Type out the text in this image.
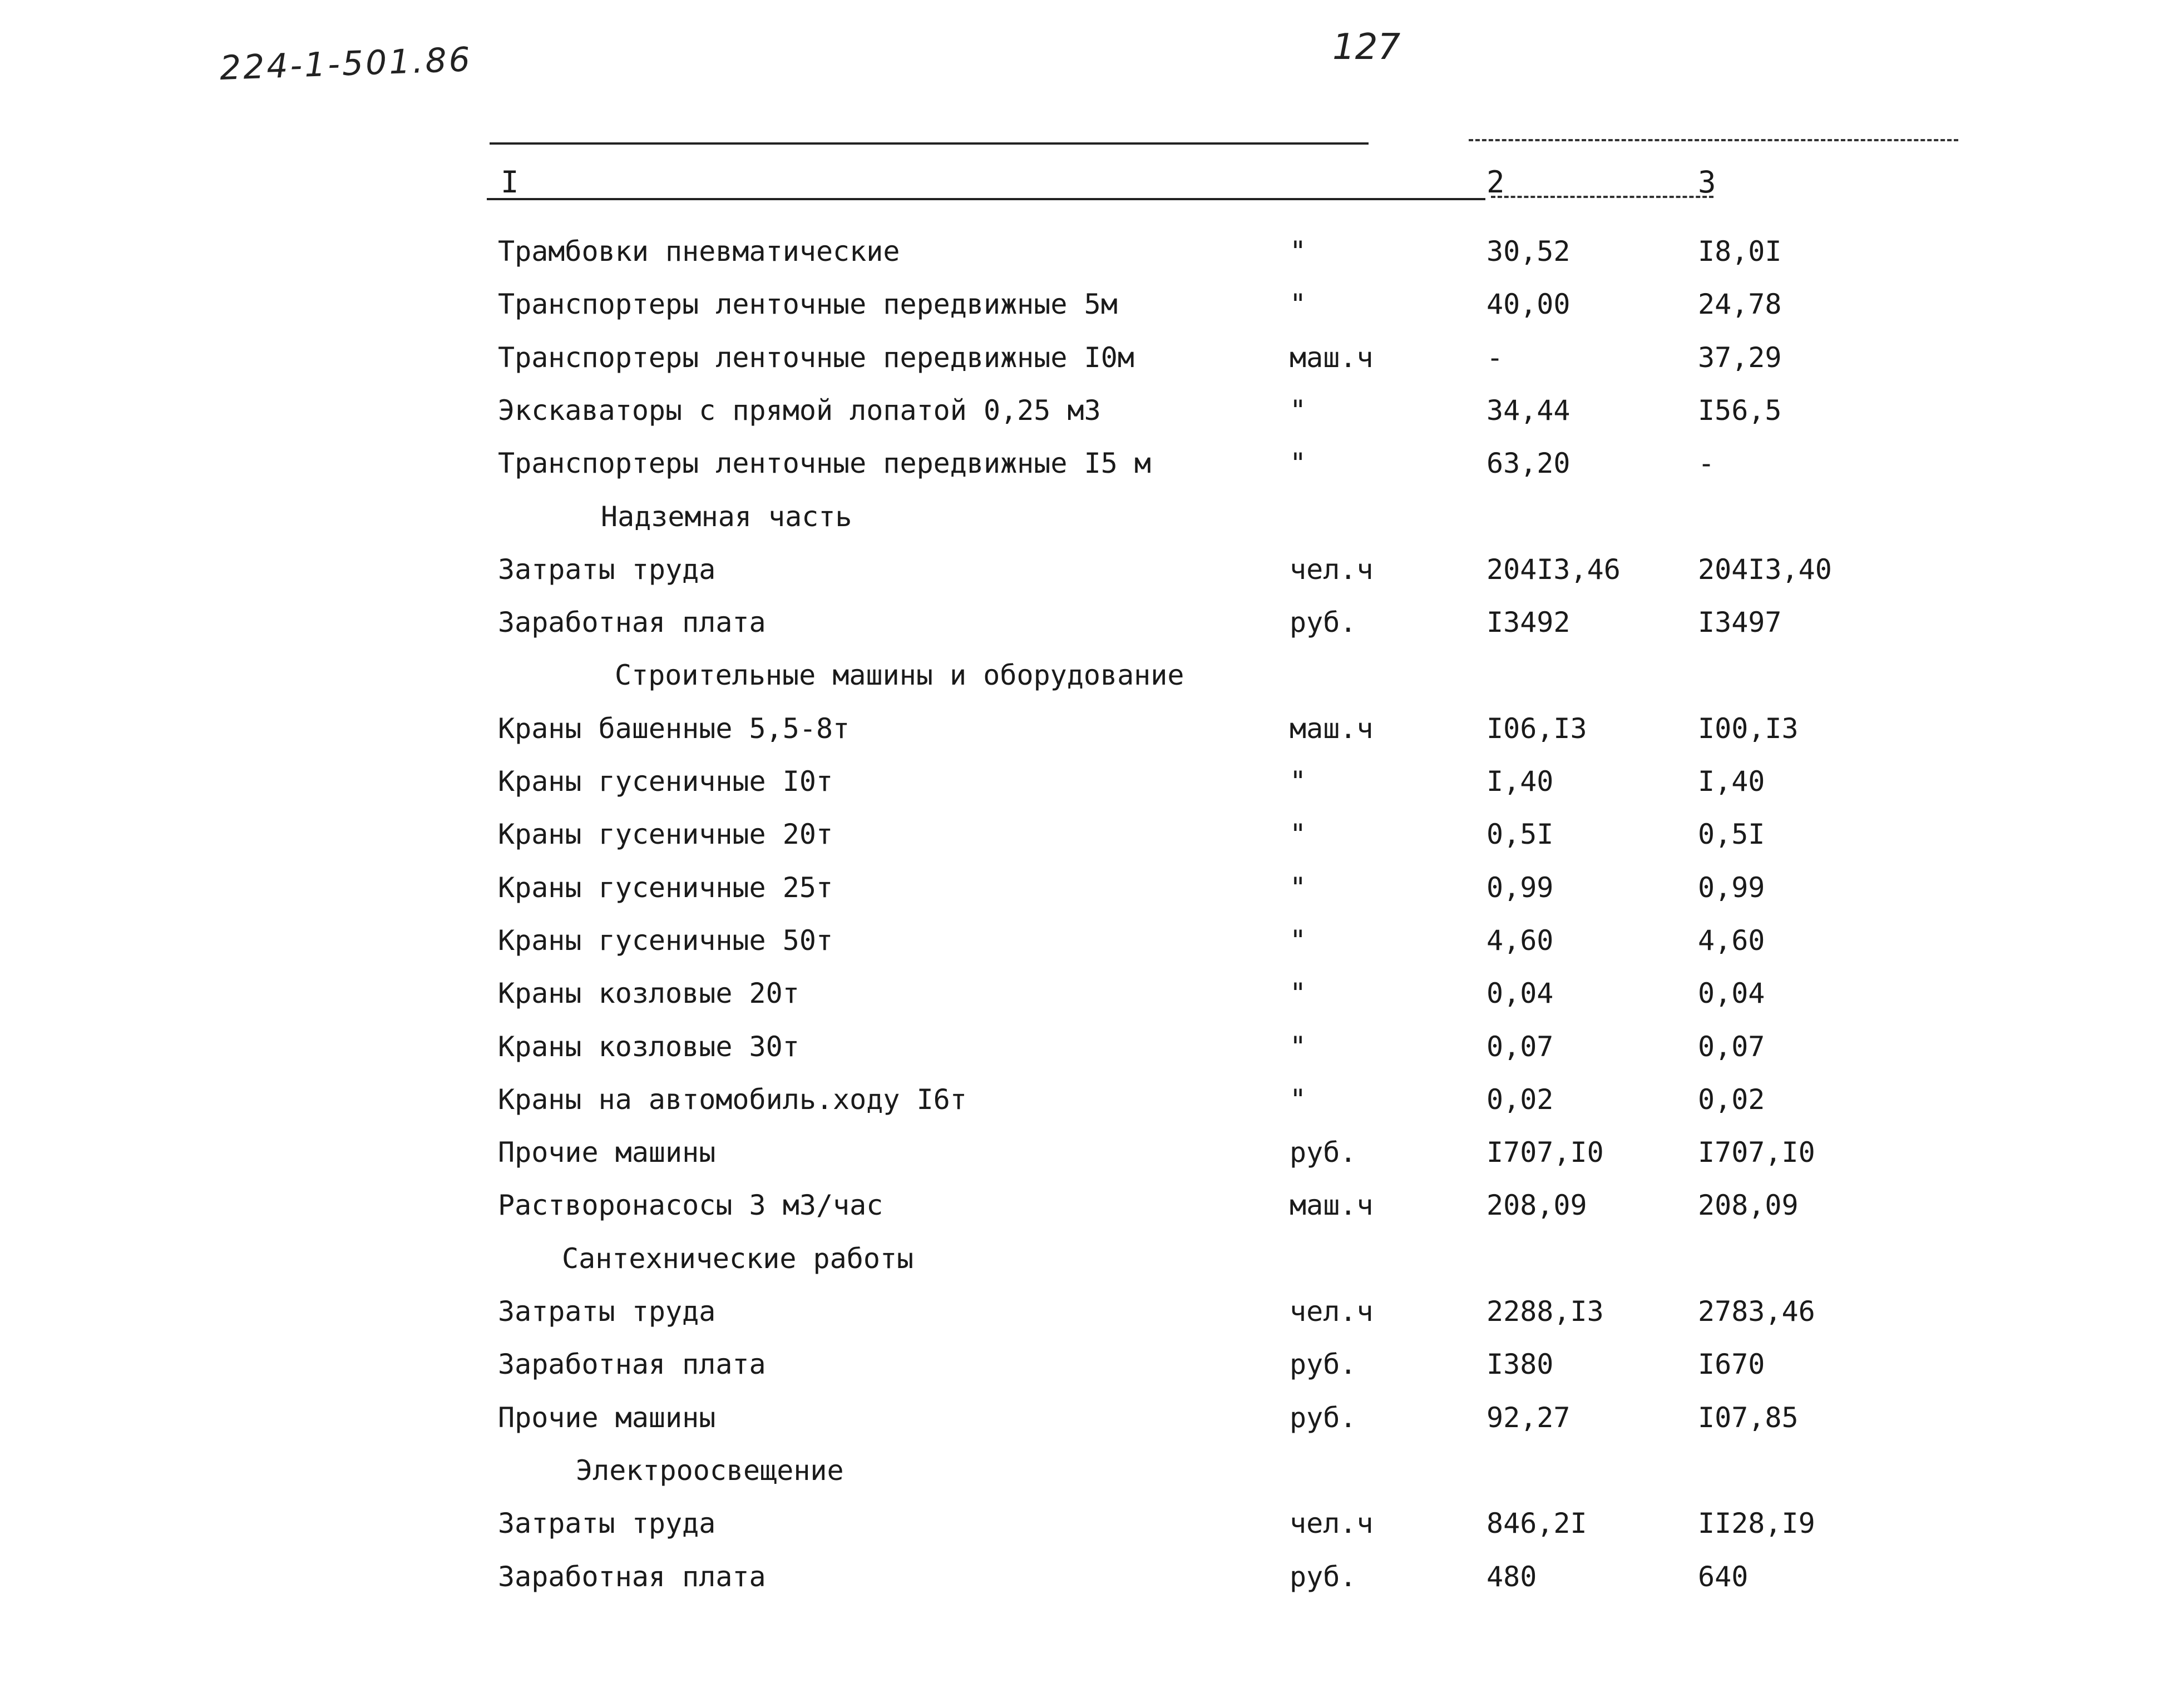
224-1-501.86	127
I	2	3
Трамбовки пневматические	"	30,52	I8,0I
Транспортеры ленточные передвижные 5м	"	40,00	24,78
Транспортеры ленточные передвижные I0м	маш.ч	-	37,29
Экскаваторы с прямой лопатой 0,25 м3	"	34,44	I56,5
Транспортеры ленточные передвижные I5 м	"	63,20	-
Надземная часть
Затраты труда	чел.ч	204I3,46	204I3,40
Заработная плата	руб.	I3492	I3497
Строительные машины и оборудование
Краны башенные 5,5-8т	маш.ч	I06,I3	I00,I3
Краны гусеничные I0т	"	I,40	I,40
Краны гусеничные 20т	"	0,5I	0,5I
Краны гусеничные 25т	"	0,99	0,99
Краны гусеничные 50т	"	4,60	4,60
Краны козловые 20т	"	0,04	0,04
Краны козловые 30т	"	0,07	0,07
Краны на автомобиль.ходу I6т	"	0,02	0,02
Прочие машины	руб.	I707,I0	I707,I0
Растворонасосы 3 м3/час	маш.ч	208,09	208,09
Сантехнические работы
Затраты труда	чел.ч	2288,I3	2783,46
Заработная плата	руб.	I380	I670
Прочие машины	руб.	92,27	I07,85
Электроосвещение
Затраты труда	чел.ч	846,2I	II28,I9
Заработная плата	руб.	480	640
